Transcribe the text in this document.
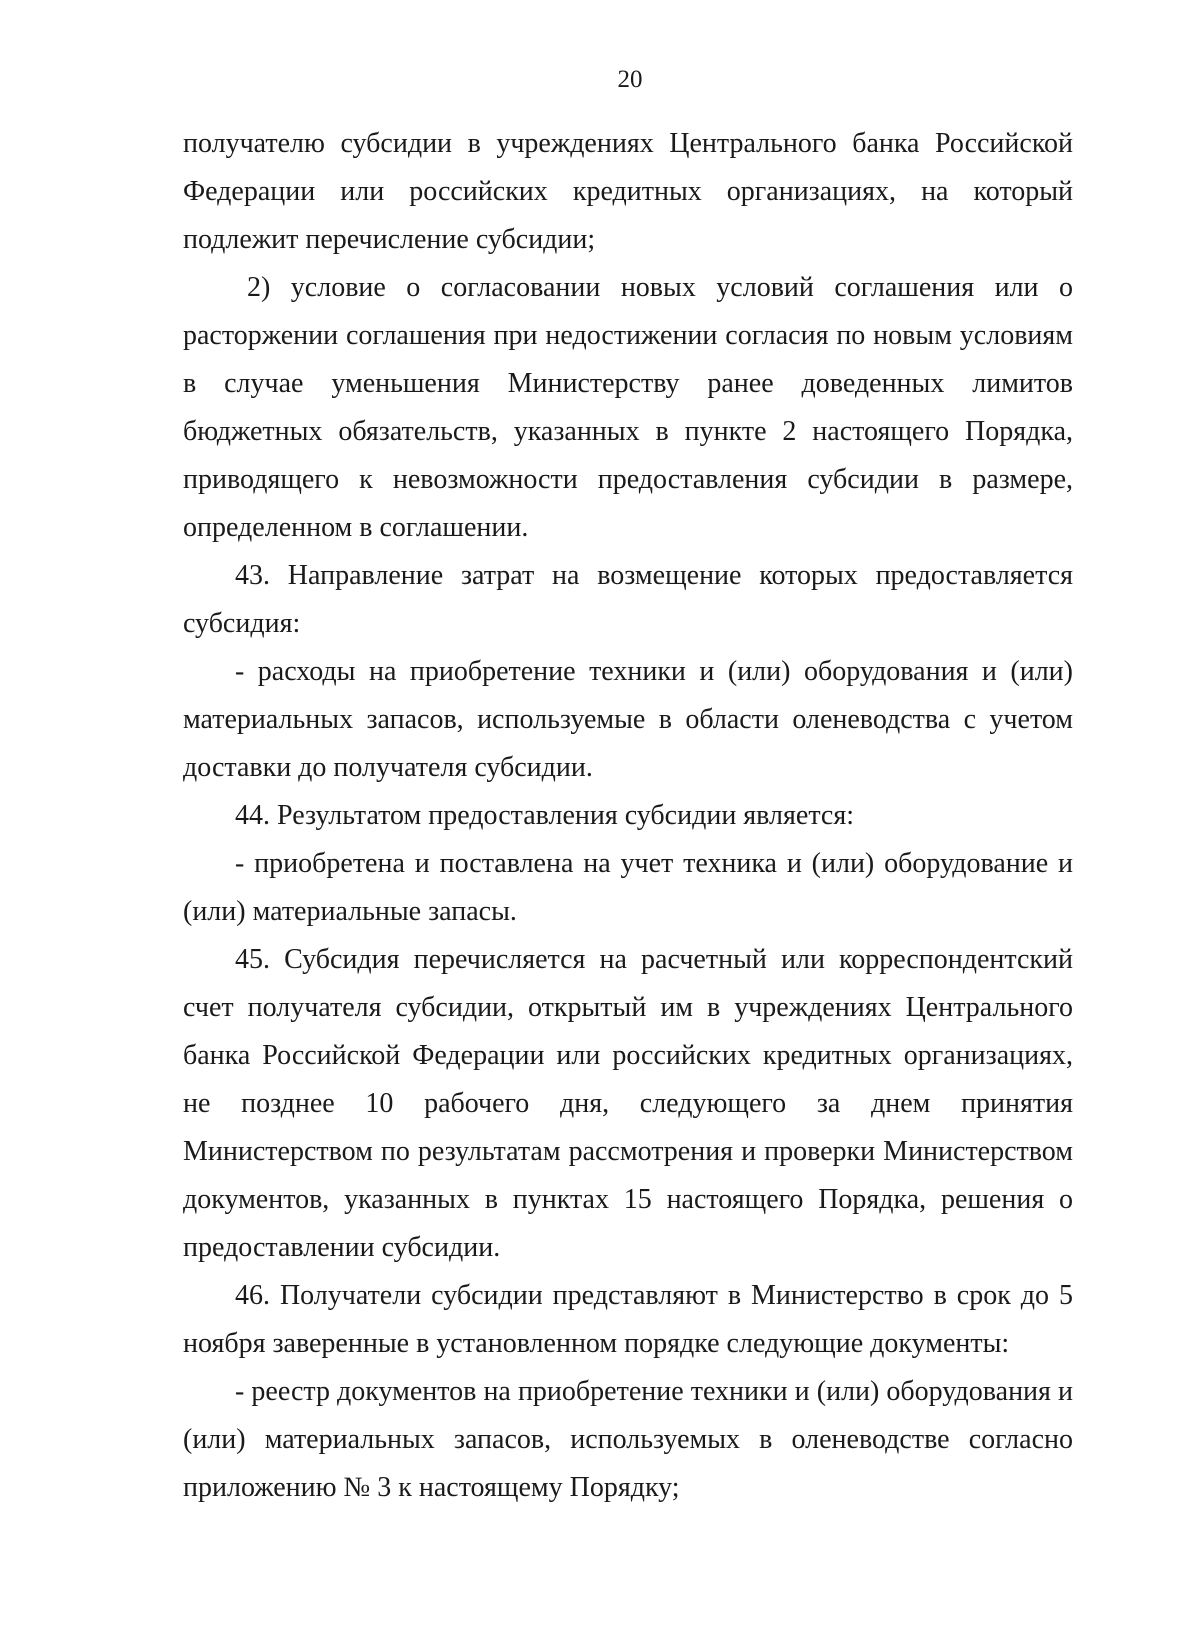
20

получателю субсидии в учреждениях Центрального банка Российской Федерации или российских кредитных организациях, на который подлежит перечисление субсидии;

2) условие о согласовании новых условий соглашения или о расторжении соглашения при недостижении согласия по новым условиям в случае уменьшения Министерству ранее доведенных лимитов бюджетных обязательств, указанных в пункте 2 настоящего Порядка, приводящего к невозможности предоставления субсидии в размере, определенном в соглашении.

43. Направление затрат на возмещение которых предоставляется субсидия:

- расходы на приобретение техники и (или) оборудования и (или) материальных запасов, используемые в области оленеводства с учетом доставки до получателя субсидии.

44. Результатом предоставления субсидии является:

- приобретена и поставлена на учет техника и (или) оборудование и (или) материальные запасы.

45. Субсидия перечисляется на расчетный или корреспондентский счет получателя субсидии, открытый им в учреждениях Центрального банка Российской Федерации или российских кредитных организациях, не позднее 10 рабочего дня, следующего за днем принятия Министерством по результатам рассмотрения и проверки Министерством документов, указанных в пунктах 15 настоящего Порядка, решения о предоставлении субсидии.

46. Получатели субсидии представляют в Министерство в срок до 5 ноября заверенные в установленном порядке следующие документы:

- реестр документов на приобретение техники и (или) оборудования и (или) материальных запасов, используемых в оленеводстве согласно приложению № 3 к настоящему Порядку;
